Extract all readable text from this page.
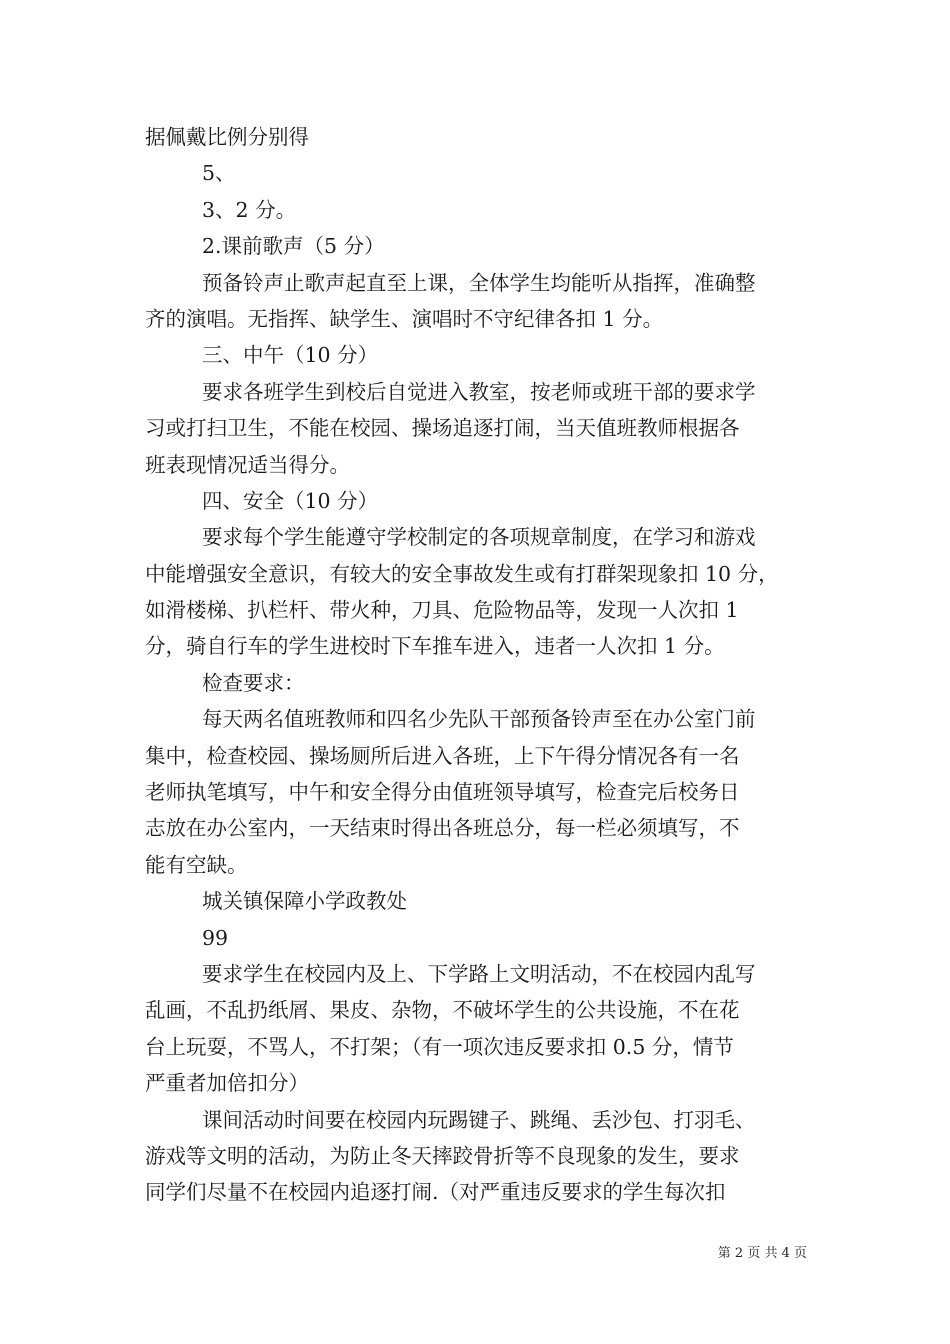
据佩戴比例分别得
5、
3、2 分。
2.课前歌声（5 分）
预备铃声止歌声起直至上课，全体学生均能听从指挥，准确整
齐的演唱。无指挥、缺学生、演唱时不守纪律各扣 1 分。
三、中午（10 分）
要求各班学生到校后自觉进入教室，按老师或班干部的要求学
习或打扫卫生，不能在校园、操场追逐打闹，当天值班教师根据各
班表现情况适当得分。
四、安全（10 分）
要求每个学生能遵守学校制定的各项规章制度，在学习和游戏
中能增强安全意识，有较大的安全事故发生或有打群架现象扣 10 分，
如滑楼梯、扒栏杆、带火种，刀具、危险物品等，发现一人次扣 1
分，骑自行车的学生进校时下车推车进入，违者一人次扣 1 分。
检查要求：
每天两名值班教师和四名少先队干部预备铃声至在办公室门前
集中，检查校园、操场厕所后进入各班，上下午得分情况各有一名
老师执笔填写，中午和安全得分由值班领导填写，检查完后校务日
志放在办公室内，一天结束时得出各班总分，每一栏必须填写，不
能有空缺。
城关镇保障小学政教处
99
要求学生在校园内及上、下学路上文明活动，不在校园内乱写
乱画，不乱扔纸屑、果皮、杂物，不破坏学生的公共设施，不在花
台上玩耍，不骂人，不打架；（有一项次违反要求扣 0.5 分，情节
严重者加倍扣分）
课间活动时间要在校园内玩踢键子、跳绳、丢沙包、打羽毛、
游戏等文明的活动，为防止冬天摔跤骨折等不良现象的发生，要求
同学们尽量不在校园内追逐打闹.（对严重违反要求的学生每次扣
第 2 页 共 4 页
